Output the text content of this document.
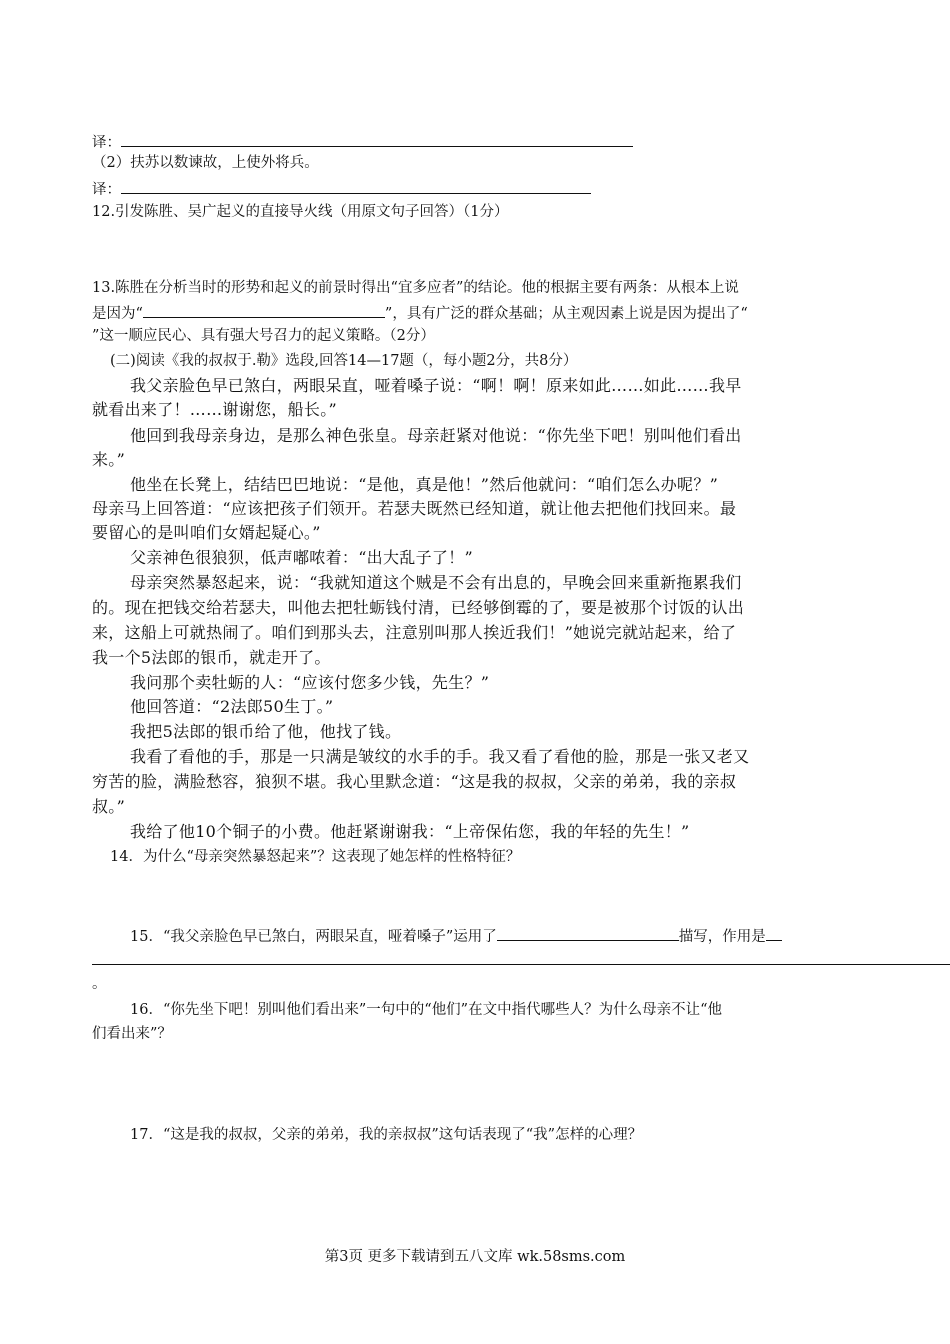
译：
（2）扶苏以数谏故，上使外将兵。
译：
12.引发陈胜、吴广起义的直接导火线（用原文句子回答）（1分）
13.陈胜在分析当时的形势和起义的前景时得出“宜多应者”的结论。他的根据主要有两条：从根本上说
是因为“	”，具有广泛的群众基础；从主观因素上说是因为提出了“
”这一顺应民心、具有强大号召力的起义策略。（2分）
(二)阅读《我的叔叔于.勒》选段,回答14—17题（，每小题2分，共8分）
我父亲脸色早已煞白，两眼呆直，哑着嗓子说：“啊！啊！原来如此……如此……我早
就看出来了！……谢谢您，船长。”
他回到我母亲身边，是那么神色张皇。母亲赶紧对他说：“你先坐下吧！别叫他们看出
来。”
他坐在长凳上，结结巴巴地说：“是他，真是他！”然后他就问：“咱们怎么办呢？”
母亲马上回答道：“应该把孩子们领开。若瑟夫既然已经知道，就让他去把他们找回来。最
要留心的是叫咱们女婿起疑心。”
父亲神色很狼狈，低声嘟哝着：“出大乱子了！”
母亲突然暴怒起来，说：“我就知道这个贼是不会有出息的，早晚会回来重新拖累我们
的。现在把钱交给若瑟夫，叫他去把牡蛎钱付清，已经够倒霉的了，要是被那个讨饭的认出
来，这船上可就热闹了。咱们到那头去，注意别叫那人挨近我们！”她说完就站起来，给了
我一个5法郎的银币，就走开了。
我问那个卖牡蛎的人：“应该付您多少钱，先生？”
他回答道：“2法郎50生丁。”
我把5法郎的银币给了他，他找了钱。
我看了看他的手，那是一只满是皱纹的水手的手。我又看了看他的脸，那是一张又老又
穷苦的脸，满脸愁容，狼狈不堪。我心里默念道：“这是我的叔叔，父亲的弟弟，我的亲叔
叔。”
我给了他10个铜子的小费。他赶紧谢谢我：“上帝保佑您，我的年轻的先生！”
14．为什么“母亲突然暴怒起来”？这表现了她怎样的性格特征？
15．“我父亲脸色早已煞白，两眼呆直，哑着嗓子”运用了	描写，作用是
。
16．“你先坐下吧！别叫他们看出来”一句中的“他们”在文中指代哪些人？为什么母亲不让“他
们看出来”？
17．“这是我的叔叔，父亲的弟弟，我的亲叔叔”这句话表现了“我”怎样的心理？
第3页 更多下载请到五八文库 wk.58sms.com
